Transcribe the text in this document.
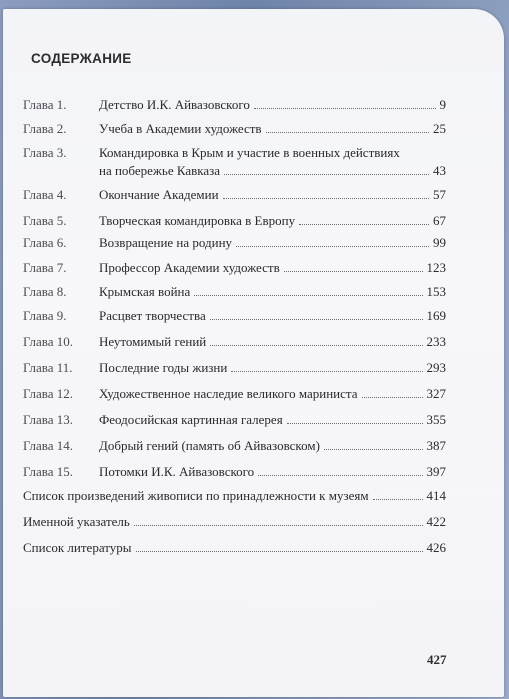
СОДЕРЖАНИЕ
Глава 1.	Детство И.К. Айвазовского	9
Глава 2.	Учеба в Академии художеств	25
Глава 3.	Командировка в Крым и участие в военных действиях
на побережье Кавказа	43
Глава 4.	Окончание Академии	57
Глава 5.	Творческая командировка в Европу	67
Глава 6.	Возвращение на родину	99
Глава 7.	Профессор Академии художеств	123
Глава 8.	Крымская война	153
Глава 9.	Расцвет творчества	169
Глава 10.	Неутомимый гений	233
Глава 11.	Последние годы жизни	293
Глава 12.	Художественное наследие великого мариниста	327
Глава 13.	Феодосийская картинная галерея	355
Глава 14.	Добрый гений (память об Айвазовском)	387
Глава 15.	Потомки И.К. Айвазовского	397
Список произведений живописи по принадлежности к музеям	414
Именной указатель	422
Список литературы	426
427
